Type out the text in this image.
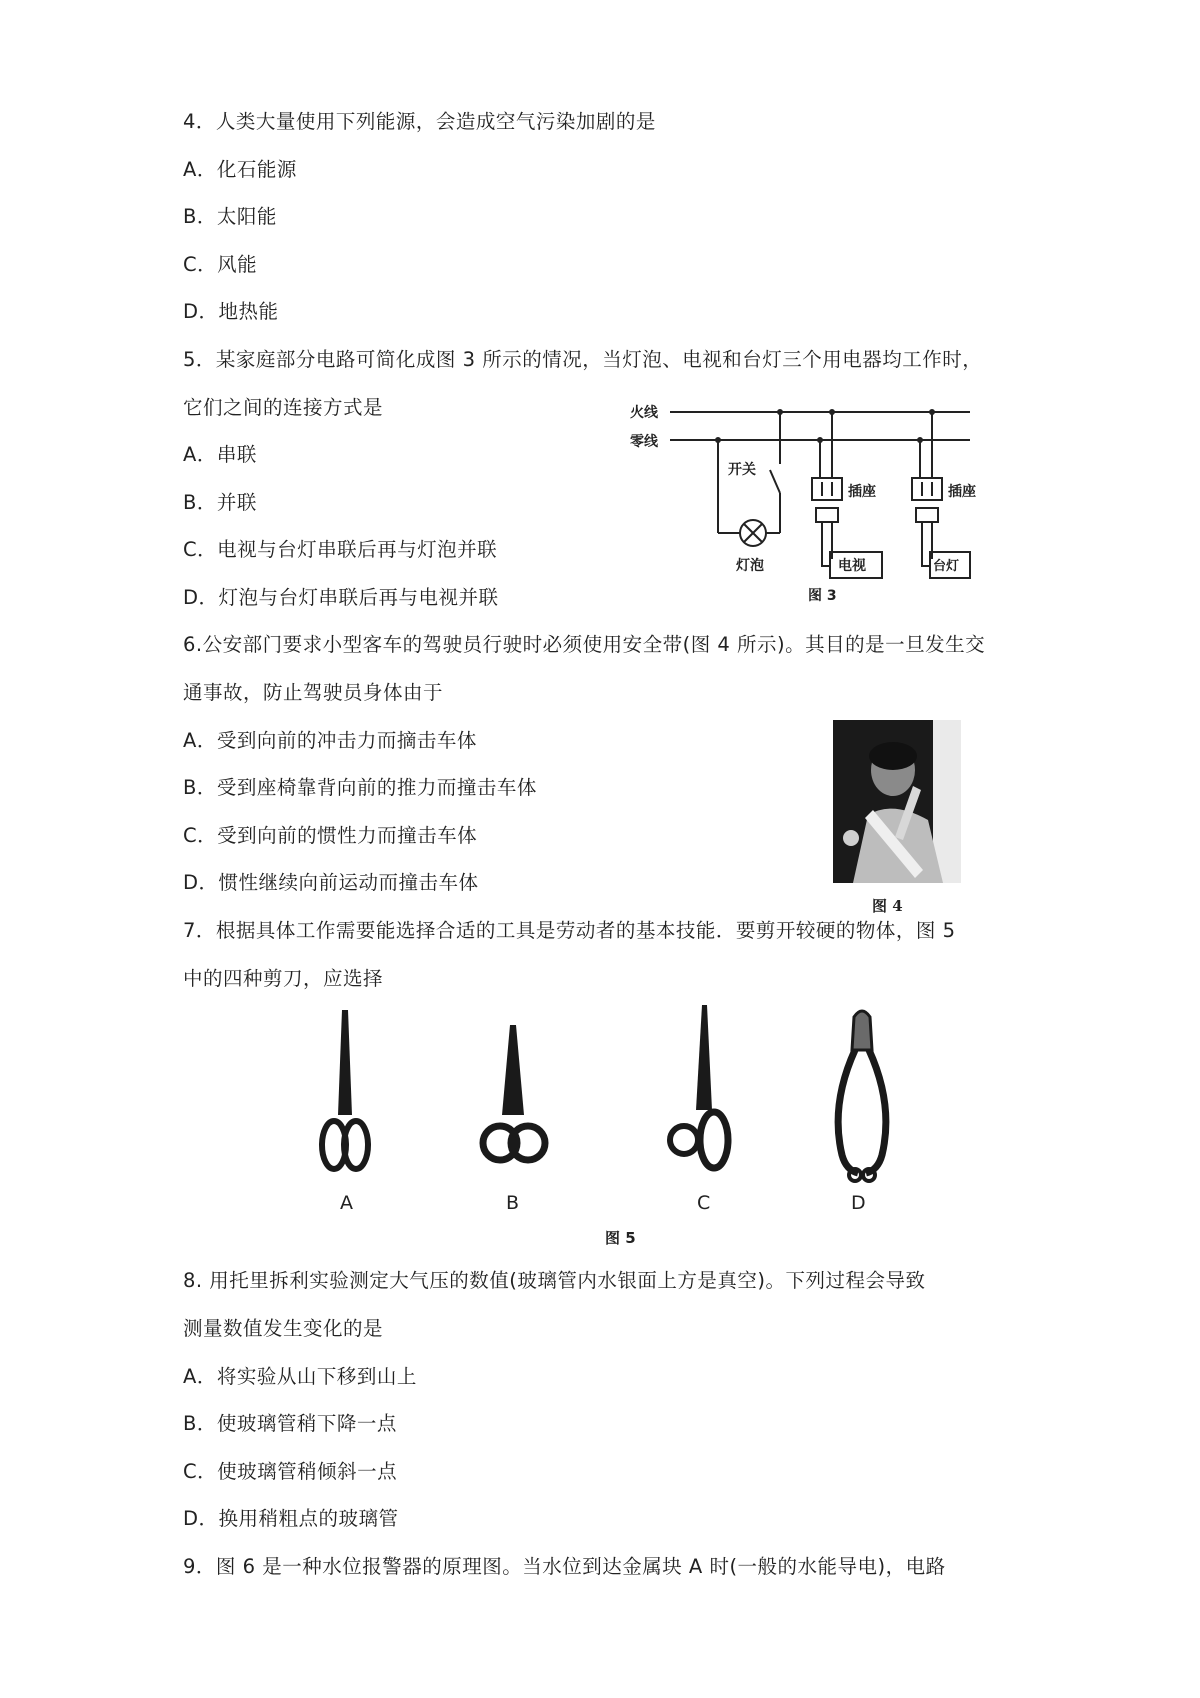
4．人类大量使用下列能源，会造成空气污染加剧的是
A．化石能源
B．太阳能
C．风能
D．地热能
5．某家庭部分电路可简化成图 3 所示的情况，当灯泡、电视和台灯三个用电器均工作时，
它们之间的连接方式是
A．串联
B．并联
C．电视与台灯串联后再与灯泡并联
D．灯泡与台灯串联后再与电视并联
火线
零线
开关
灯泡
插座	插座
电视	台灯
图 3
6.公安部门要求小型客车的驾驶员行驶时必须使用安全带(图 4 所示)。其目的是一旦发生交
通事故，防止驾驶员身体由于
A．受到向前的冲击力而摘击车体
B．受到座椅靠背向前的推力而撞击车体
C．受到向前的惯性力而撞击车体
D．惯性继续向前运动而撞击车体
图 4
7．根据具体工作需要能选择合适的工具是劳动者的基本技能．要剪开较硬的物体，图 5
中的四种剪刀，应选择
A	B	C	D
图 5
8. 用托里拆利实验测定大气压的数值(玻璃管内水银面上方是真空)。下列过程会导致
测量数值发生变化的是
A．将实验从山下移到山上
B．使玻璃管稍下降一点
C．使玻璃管稍倾斜一点
D．换用稍粗点的玻璃管
9．图 6 是一种水位报警器的原理图。当水位到达金属块 A 时(一般的水能导电)，电路
